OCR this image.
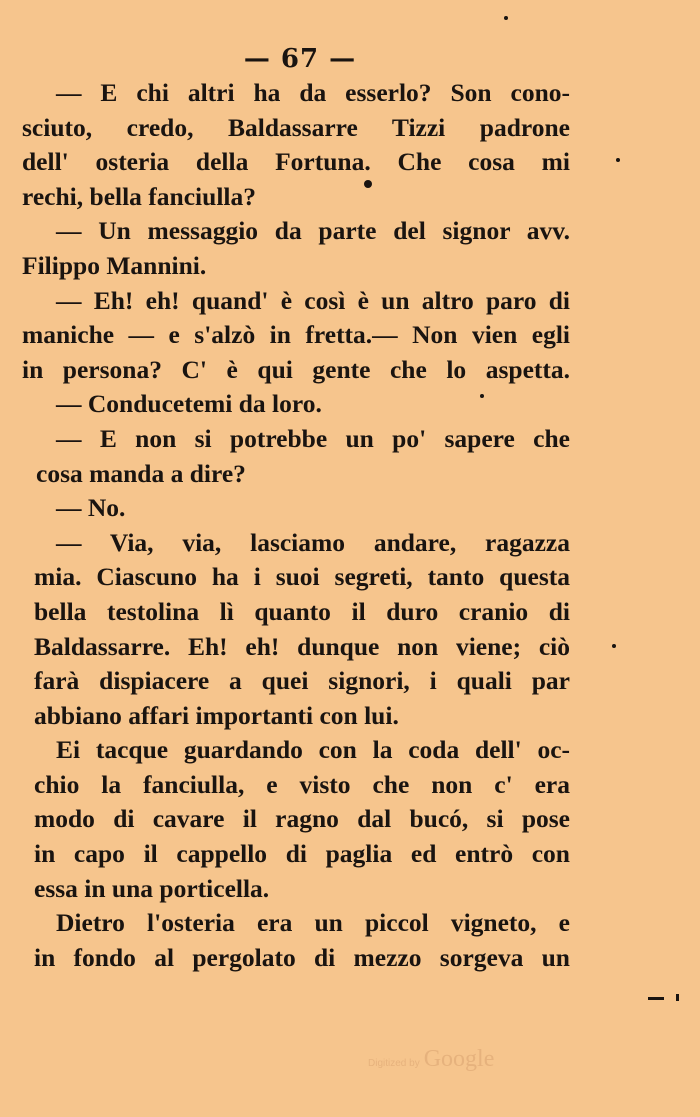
— 67 —
— E chi altri ha da esserlo? Son cono-
sciuto, credo, Baldassarre Tizzi padrone
dell' osteria della Fortuna. Che cosa mi
rechi, bella fanciulla?
— Un messaggio da parte del signor avv.
Filippo Mannini.
— Eh! eh! quand' è così è un altro paro di
maniche — e s'alzò in fretta.— Non vien egli
in persona? C' è qui gente che lo aspetta.
— Conducetemi da loro.
— E non si potrebbe un po' sapere che
cosa manda a dire?
— No.
— Via, via, lasciamo andare, ragazza
mia. Ciascuno ha i suoi segreti, tanto questa
bella testolina lì quanto il duro cranio di
Baldassarre. Eh! eh! dunque non viene; ciò
farà dispiacere a quei signori, i quali par
abbiano affari importanti con lui.
Ei tacque guardando con la coda dell' oc-
chio la fanciulla, e visto che non c' era
modo di cavare il ragno dal bucó, si pose
in capo il cappello di paglia ed entrò con
essa in una porticella.
Dietro l'osteria era un piccol vigneto, e
in fondo al pergolato di mezzo sorgeva un
Digitized by Google
